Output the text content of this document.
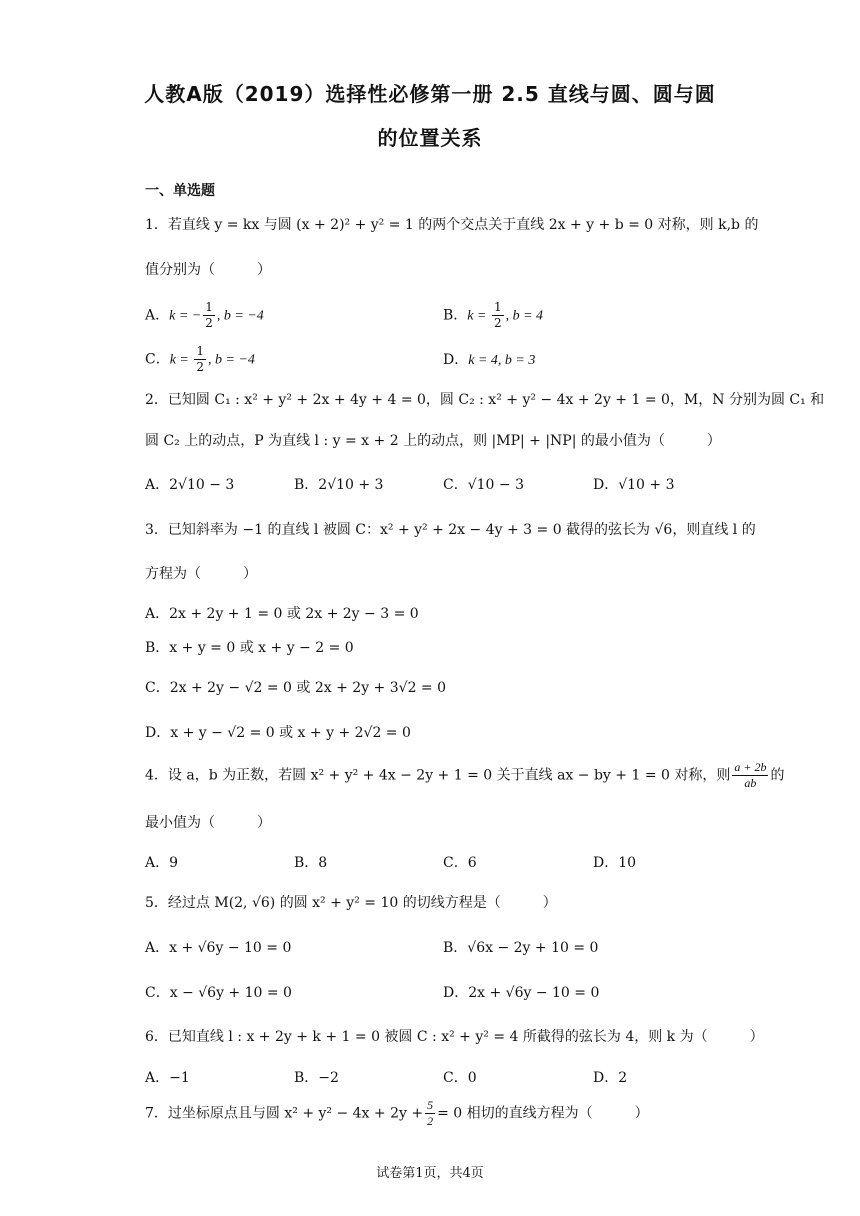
人教A版（2019）选择性必修第一册 2.5 直线与圆、圆与圆
的位置关系
一、单选题
1．若直线 y = kx 与圆 (x + 2)² + y² = 1 的两个交点关于直线 2x + y + b = 0 对称，则 k,b 的
值分别为（　　　）
A．k = − $\frac{1}{2}$ , b = −4	B．$k = \frac{1}{2}$ , b = 4
C．$k = \frac{1}{2}$ , b = −4	D．k = 4, b = 3
2．已知圆 C₁ : x² + y² + 2x + 4y + 4 = 0，圆 C₂ : x² + y² − 4x + 2y + 1 = 0，M，N 分别为圆 C₁ 和
圆 C₂ 上的动点，P 为直线 l : y = x + 2 上的动点，则 |MP| + |NP| 的最小值为（　　　）
A．2√10 − 3	B．2√10 + 3	C．√10 − 3	D．√10 + 3
3．已知斜率为 −1 的直线 l 被圆 C：x² + y² + 2x − 4y + 3 = 0 截得的弦长为 √6，则直线 l 的
方程为（　　　）
A．2x + 2y + 1 = 0 或 2x + 2y − 3 = 0
B．x + y = 0 或 x + y − 2 = 0
C．2x + 2y − √2 = 0 或 2x + 2y + 3√2 = 0
D．x + y − √2 = 0 或 x + y + 2√2 = 0
4．设 a，b 为正数，若圆 x² + y² + 4x − 2y + 1 = 0 关于直线 ax − by + 1 = 0 对称，则 $\frac{a + 2b}{ab}$ 的
最小值为（　　　）
A．9	B．8	C．6	D．10
5．经过点 M(2, √6) 的圆 x² + y² = 10 的切线方程是（　　　）
A．x + √6y − 10 = 0	B．√6x − 2y + 10 = 0
C．x − √6y + 10 = 0	D．2x + √6y − 10 = 0
6．已知直线 l : x + 2y + k + 1 = 0 被圆 C : x² + y² = 4 所截得的弦长为 4，则 k 为（　　　）
A．−1	B．−2	C．0	D．2
7．过坐标原点且与圆 $x^2 + y^2 - 4x + 2y + \frac{5}{2} = 0$ 相切的直线方程为（　　　）
试卷第1页，共4页
